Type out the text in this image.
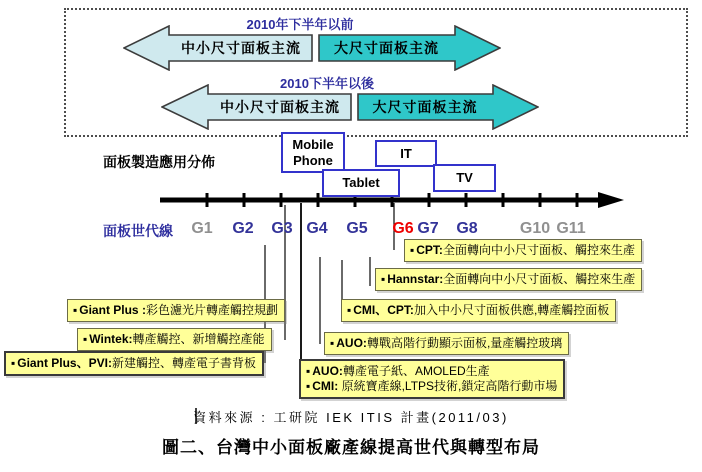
2010年下半年以前
中小尺寸面板主流	大尺寸面板主流
2010下半年以後
中小尺寸面板主流	大尺寸面板主流
面板製造應用分佈
Mobile Phone	IT
Tablet	TV
面板世代線	G1	G2	G3 G4	G5	G6 G7	G8	G10 G11
▪ CPT:全面轉向中小尺寸面板、觸控來生產
▪ Hannstar:全面轉向中小尺寸面板、觸控來生產
▪ CMI、CPT:加入中小尺寸面板供應,轉產觸控面板
▪ AUO:轉戰高階行動顯示面板,量產觸控玻璃
▪ Giant Plus :彩色濾光片轉產觸控規劃
▪ Wintek:轉產觸控、新增觸控產能
▪ Giant Plus、PVI:新建觸控、轉產電子書背板
▪ AUO:轉產電子紙、AMOLED生產
▪ CMI: 原統寶產線,LTPS技術,鎖定高階行動市場
資料來源 : 工研院 IEK ITIS 計畫(2011/03)
圖二、台灣中小面板廠產線提高世代與轉型布局
